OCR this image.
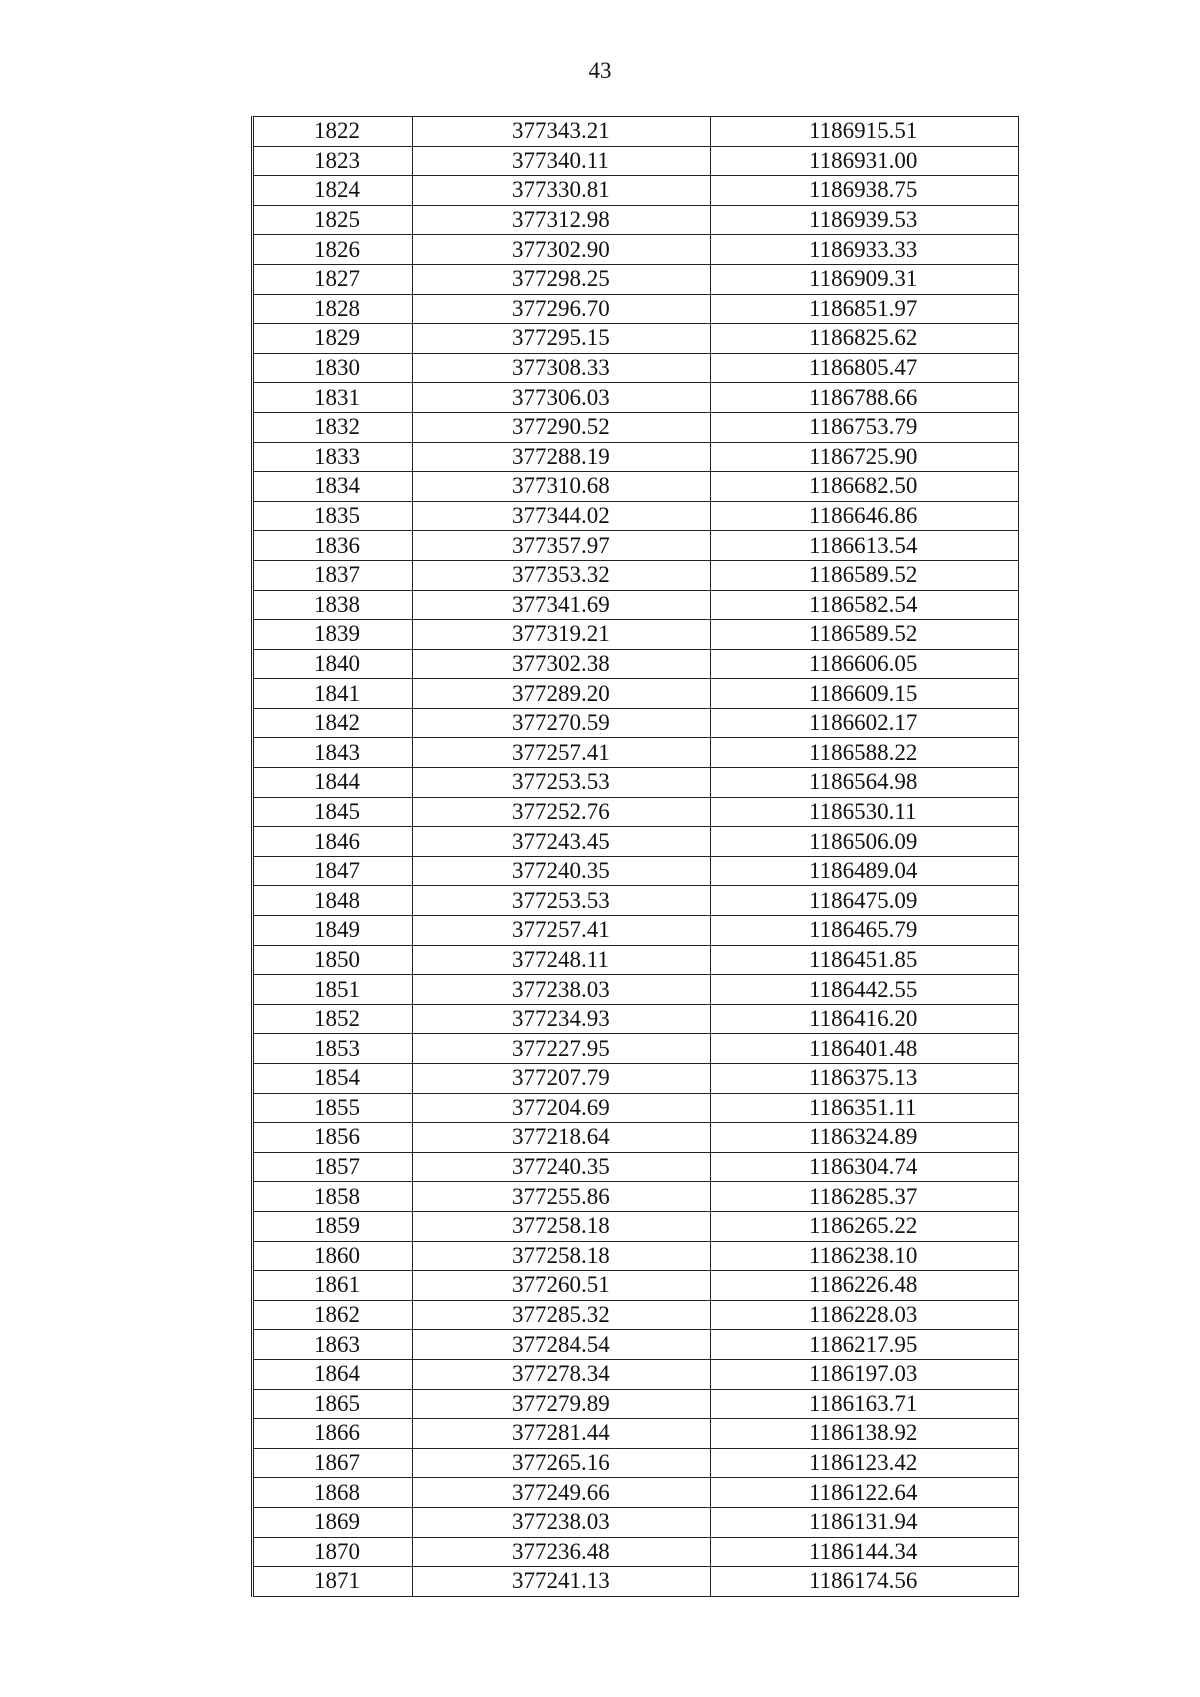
43
1822	377343.21	1186915.51
1823	377340.11	1186931.00
1824	377330.81	1186938.75
1825	377312.98	1186939.53
1826	377302.90	1186933.33
1827	377298.25	1186909.31
1828	377296.70	1186851.97
1829	377295.15	1186825.62
1830	377308.33	1186805.47
1831	377306.03	1186788.66
1832	377290.52	1186753.79
1833	377288.19	1186725.90
1834	377310.68	1186682.50
1835	377344.02	1186646.86
1836	377357.97	1186613.54
1837	377353.32	1186589.52
1838	377341.69	1186582.54
1839	377319.21	1186589.52
1840	377302.38	1186606.05
1841	377289.20	1186609.15
1842	377270.59	1186602.17
1843	377257.41	1186588.22
1844	377253.53	1186564.98
1845	377252.76	1186530.11
1846	377243.45	1186506.09
1847	377240.35	1186489.04
1848	377253.53	1186475.09
1849	377257.41	1186465.79
1850	377248.11	1186451.85
1851	377238.03	1186442.55
1852	377234.93	1186416.20
1853	377227.95	1186401.48
1854	377207.79	1186375.13
1855	377204.69	1186351.11
1856	377218.64	1186324.89
1857	377240.35	1186304.74
1858	377255.86	1186285.37
1859	377258.18	1186265.22
1860	377258.18	1186238.10
1861	377260.51	1186226.48
1862	377285.32	1186228.03
1863	377284.54	1186217.95
1864	377278.34	1186197.03
1865	377279.89	1186163.71
1866	377281.44	1186138.92
1867	377265.16	1186123.42
1868	377249.66	1186122.64
1869	377238.03	1186131.94
1870	377236.48	1186144.34
1871	377241.13	1186174.56
